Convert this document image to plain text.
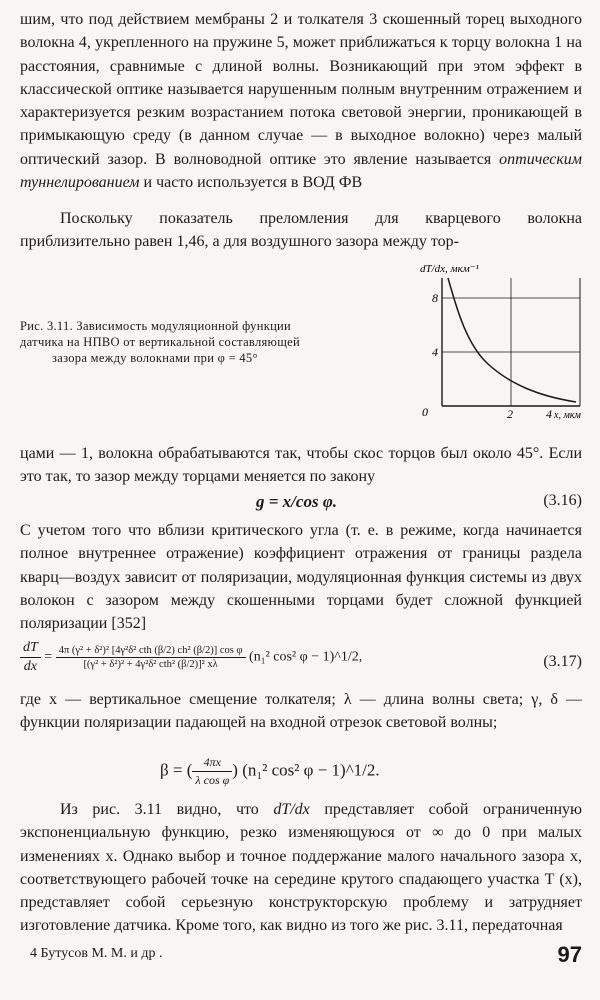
шим, что под действием мембраны 2 и толкателя 3 скошенный торец выходного волокна 4, укрепленного на пружине 5, может приближаться к торцу волокна 1 на расстояния, сравнимые с длиной волны. Возникающий при этом эффект в классической оптике называется нарушенным полным внутренним отражением и характеризуется резким возрастанием потока световой энергии, проникающей в примыкающую среду (в данном случае — в выходное волокно) через малый оптический зазор. В волноводной оптике это явление называется оптическим туннелированием и часто используется в ВОД ФВ

Поскольку показатель преломления для кварцевого волокна приблизительно равен 1,46, а для воздушного зазора между тор-

Рис. 3.11. Зависимость модуляционной функции
датчика на НПВО от вертикальной составляющей
зазора между волокнами при φ = 45°
dT/dx, мкм⁻¹
0
4
8
2	4 x, мкм

цами — 1, волокна обрабатываются так, чтобы скос торцов был около 45°. Если это так, то зазор между торцами меняется по закону

g = x/cos φ.	(3.16)

С учетом того что вблизи критического угла (т. е. в режиме, когда начинается полное внутреннее отражение) коэффициент отражения от границы раздела кварц—воздух зависит от поляризации, модуляционная функция системы из двух волокон с зазором между скошенными торцами будет сложной функцией поляризации [352]

$\frac{dT}{dx} = \frac{\text{4π (γ² + δ²)² [4γ²δ² cth (β/2) ch² (β/2)] cos φ}}{\text{[(γ² + δ²)² + 4γ²δ² cth² (β/2)]² xλ}} (n_1^2$ cos² φ − 1)^1/2,	(3.17)

где x — вертикальное смещение толкателя; λ — длина волны света; γ, δ — функции поляризации падающей на входной отрезок световой волны;

β = ( $\frac{4\pi x}{\text{λ cos φ}}$ ) (n₁² cos² φ − 1)^1/2.

Из рис. 3.11 видно, что dT/dx представляет собой ограниченную экспоненциальную функцию, резко изменяющуюся от ∞ до 0 при малых изменениях x. Однако выбор и точное поддержание малого начального зазора x, соответствующего рабочей точке на середине крутого спадающего участка T (x), представляет собой серьезную конструкторскую проблему и затрудняет изготовление датчика. Кроме того, как видно из того же рис. 3.11, передаточная

4 Бутусов М. М. и др .	97
